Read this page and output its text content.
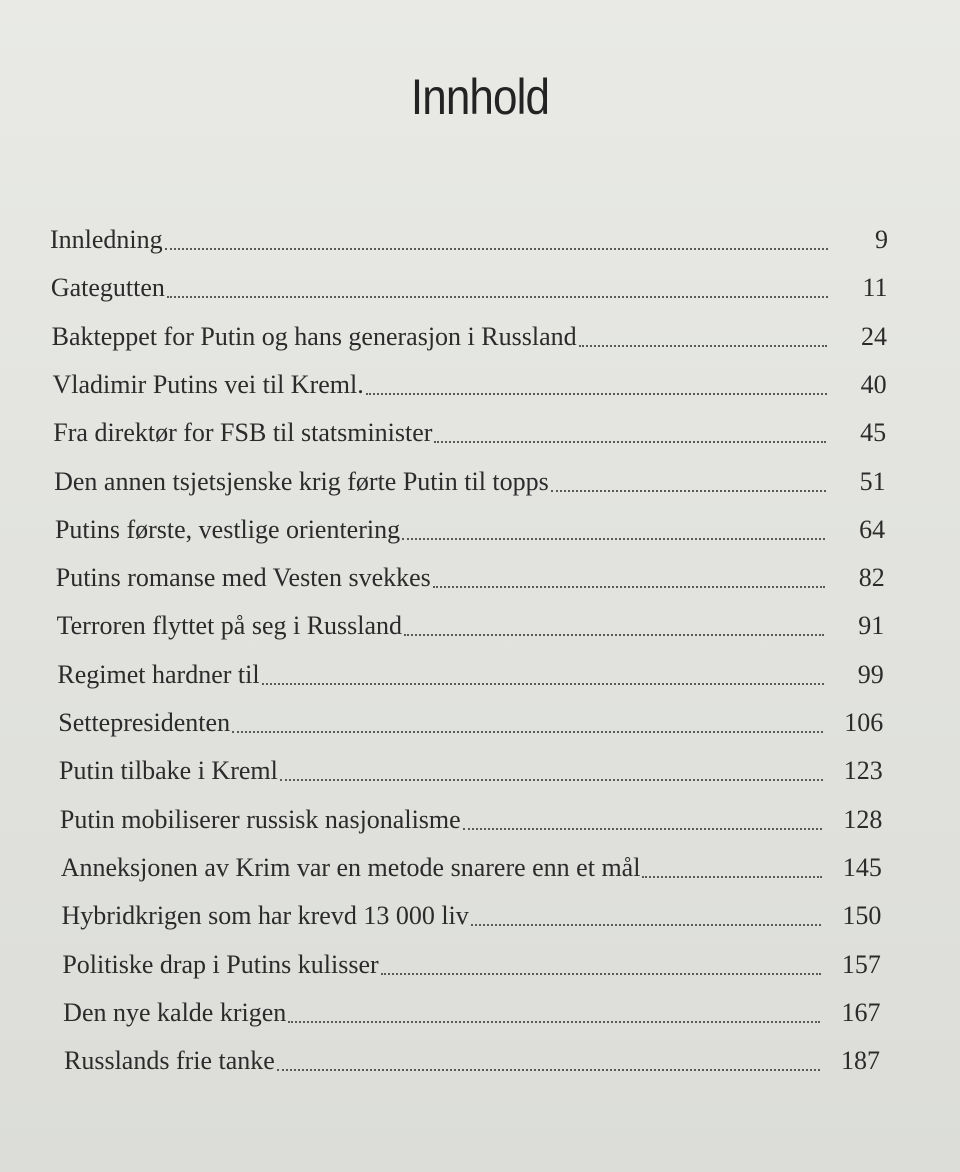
Innhold
Innledning	9
Gategutten	11
Bakteppet for Putin og hans generasjon i Russland	24
Vladimir Putins vei til Kreml.	40
Fra direktør for FSB til statsminister	45
Den annen tsjetsjenske krig førte Putin til topps	51
Putins første, vestlige orientering	64
Putins romanse med Vesten svekkes	82
Terroren flyttet på seg i Russland	91
Regimet hardner til	99
Settepresidenten	106
Putin tilbake i Kreml	123
Putin mobiliserer russisk nasjonalisme	128
Anneksjonen av Krim var en metode snarere enn et mål	145
Hybridkrigen som har krevd 13 000 liv	150
Politiske drap i Putins kulisser	157
Den nye kalde krigen	167
Russlands frie tanke	187
